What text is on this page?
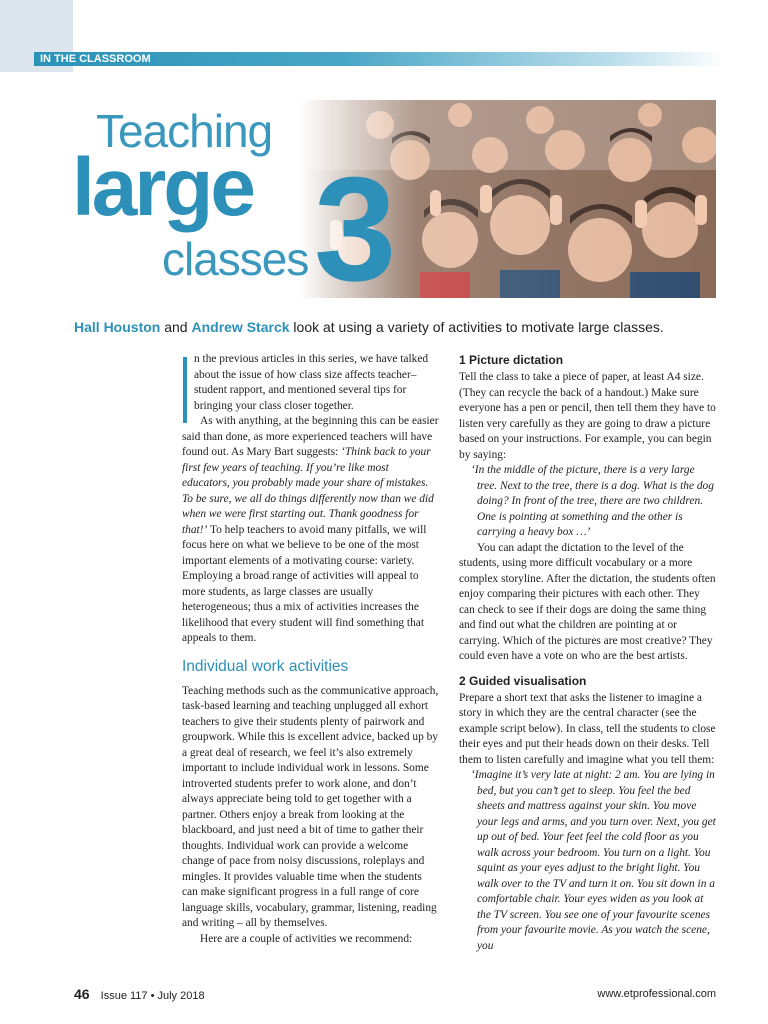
IN THE CLASSROOM
Teaching
large
classes 3
Hall Houston and Andrew Starck look at using a variety of activities to motivate large classes.

n the previous articles in this series, we have talked about the issue of how class size affects teacher–student rapport, and mentioned several tips for bringing your class closer together.

As with anything, at the beginning this can be easier said than done, as more experienced teachers will have found out. As Mary Bart suggests: ‘Think back to your first few years of teaching. If you’re like most educators, you probably made your share of mistakes. To be sure, we all do things differently now than we did when we were first starting out. Thank goodness for that!’ To help teachers to avoid many pitfalls, we will focus here on what we believe to be one of the most important elements of a motivating course: variety. Employing a broad range of activities will appeal to more students, as large classes are usually heterogeneous; thus a mix of activities increases the likelihood that every student will find something that appeals to them.

Individual work activities

Teaching methods such as the communicative approach, task-based learning and teaching unplugged all exhort teachers to give their students plenty of pairwork and groupwork. While this is excellent advice, backed up by a great deal of research, we feel it’s also extremely important to include individual work in lessons. Some introverted students prefer to work alone, and don’t always appreciate being told to get together with a partner. Others enjoy a break from looking at the blackboard, and just need a bit of time to gather their thoughts. Individual work can provide a welcome change of pace from noisy discussions, roleplays and mingles. It provides valuable time when the students can make significant progress in a full range of core language skills, vocabulary, grammar, listening, reading and writing – all by themselves.

Here are a couple of activities we recommend:

1 Picture dictation

Tell the class to take a piece of paper, at least A4 size. (They can recycle the back of a handout.) Make sure everyone has a pen or pencil, then tell them they have to listen very carefully as they are going to draw a picture based on your instructions. For example, you can begin by saying:

‘In the middle of the picture, there is a very large tree. Next to the tree, there is a dog. What is the dog doing? In front of the tree, there are two children. One is pointing at something and the other is carrying a heavy box …’

You can adapt the dictation to the level of the students, using more difficult vocabulary or a more complex storyline. After the dictation, the students often enjoy comparing their pictures with each other. They can check to see if their dogs are doing the same thing and find out what the children are pointing at or carrying. Which of the pictures are most creative? They could even have a vote on who are the best artists.

2 Guided visualisation

Prepare a short text that asks the listener to imagine a story in which they are the central character (see the example script below). In class, tell the students to close their eyes and put their heads down on their desks. Tell them to listen carefully and imagine what you tell them:

‘Imagine it’s very late at night: 2 am. You are lying in bed, but you can’t get to sleep. You feel the bed sheets and mattress against your skin. You move your legs and arms, and you turn over. Next, you get up out of bed. Your feet feel the cold floor as you walk across your bedroom. You turn on a light. You squint as your eyes adjust to the bright light. You walk over to the TV and turn it on. You sit down in a comfortable chair. Your eyes widen as you look at the TV screen. You see one of your favourite scenes from your favourite movie. As you watch the scene, you

46 Issue 117 • July 2018	www.etprofessional.com
